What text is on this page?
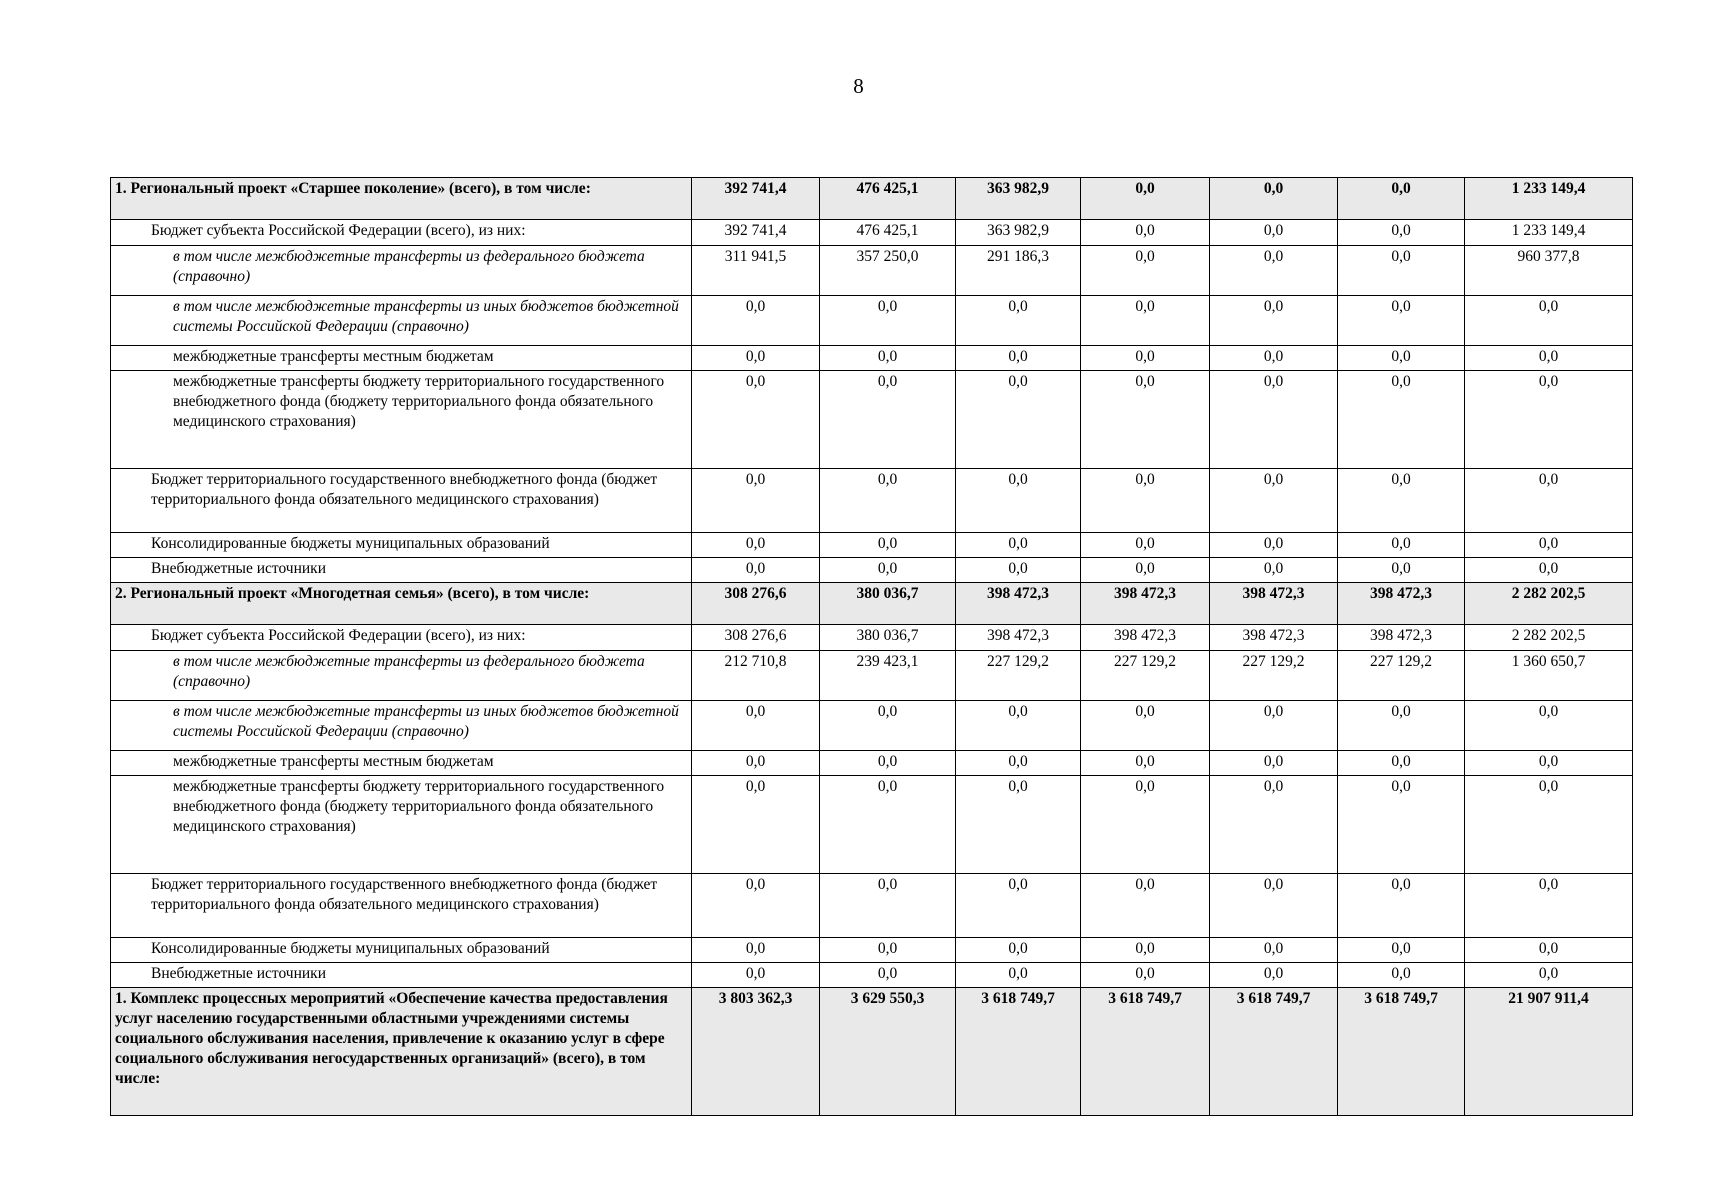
8
1. Региональный проект «Старшее поколение» (всего), в том числе:	392 741,4	476 425,1	363 982,9	0,0	0,0	0,0	1 233 149,4
Бюджет субъекта Российской Федерации (всего), из них:	392 741,4	476 425,1	363 982,9	0,0	0,0	0,0	1 233 149,4
в том числе межбюджетные трансферты из федерального бюджета (справочно)	311 941,5	357 250,0	291 186,3	0,0	0,0	0,0	960 377,8
в том числе межбюджетные трансферты из иных бюджетов бюджетной системы Российской Федерации (справочно)	0,0	0,0	0,0	0,0	0,0	0,0	0,0
межбюджетные трансферты местным бюджетам	0,0	0,0	0,0	0,0	0,0	0,0	0,0
межбюджетные трансферты бюджету территориального государственного внебюджетного фонда (бюджету территориального фонда обязательного медицинского страхования)	0,0	0,0	0,0	0,0	0,0	0,0	0,0
Бюджет территориального государственного внебюджетного фонда (бюджет территориального фонда обязательного медицинского страхования)	0,0	0,0	0,0	0,0	0,0	0,0	0,0
Консолидированные бюджеты муниципальных образований	0,0	0,0	0,0	0,0	0,0	0,0	0,0
Внебюджетные источники	0,0	0,0	0,0	0,0	0,0	0,0	0,0
2. Региональный проект «Многодетная семья» (всего), в том числе:	308 276,6	380 036,7	398 472,3	398 472,3	398 472,3	398 472,3	2 282 202,5
Бюджет субъекта Российской Федерации (всего), из них:	308 276,6	380 036,7	398 472,3	398 472,3	398 472,3	398 472,3	2 282 202,5
в том числе межбюджетные трансферты из федерального бюджета (справочно)	212 710,8	239 423,1	227 129,2	227 129,2	227 129,2	227 129,2	1 360 650,7
в том числе межбюджетные трансферты из иных бюджетов бюджетной системы Российской Федерации (справочно)	0,0	0,0	0,0	0,0	0,0	0,0	0,0
межбюджетные трансферты местным бюджетам	0,0	0,0	0,0	0,0	0,0	0,0	0,0
межбюджетные трансферты бюджету территориального государственного внебюджетного фонда (бюджету территориального фонда обязательного медицинского страхования)	0,0	0,0	0,0	0,0	0,0	0,0	0,0
Бюджет территориального государственного внебюджетного фонда (бюджет территориального фонда обязательного медицинского страхования)	0,0	0,0	0,0	0,0	0,0	0,0	0,0
Консолидированные бюджеты муниципальных образований	0,0	0,0	0,0	0,0	0,0	0,0	0,0
Внебюджетные источники	0,0	0,0	0,0	0,0	0,0	0,0	0,0
1. Комплекс процессных мероприятий «Обеспечение качества предоставления услуг населению государственными областными учреждениями системы социального обслуживания населения, привлечение к оказанию услуг в сфере социального обслуживания негосударственных организаций» (всего), в том числе:	3 803 362,3	3 629 550,3	3 618 749,7	3 618 749,7	3 618 749,7	3 618 749,7	21 907 911,4
